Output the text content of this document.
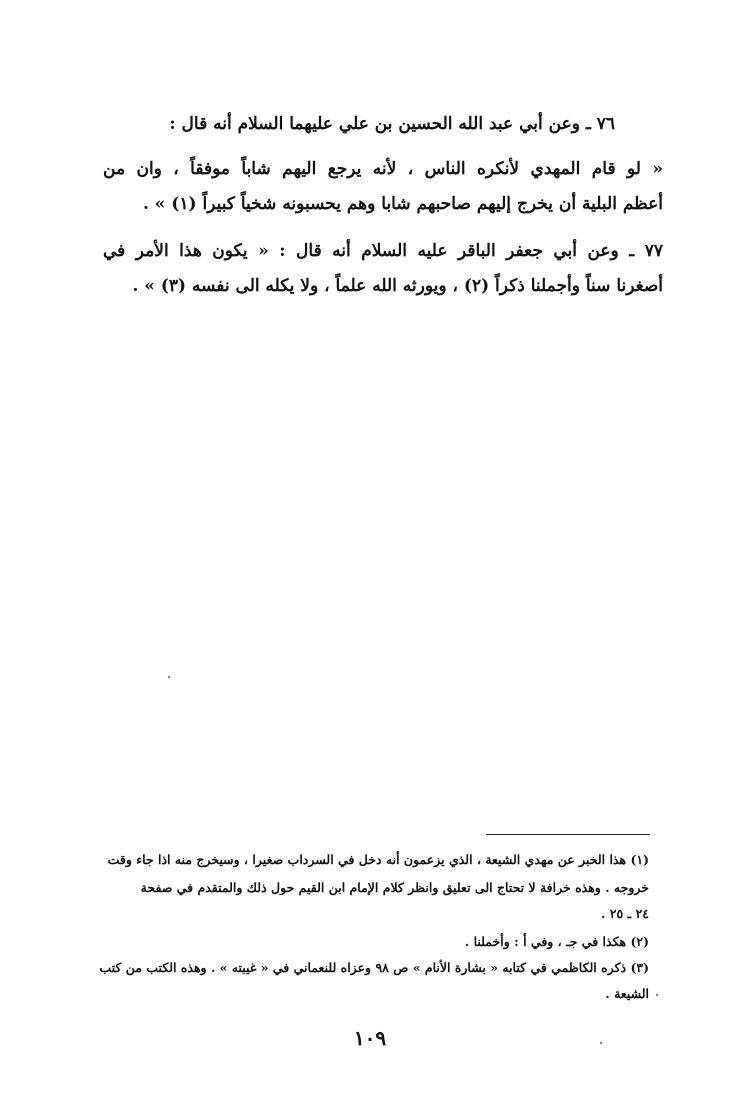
٧٦ ـ وعن أبي عبد الله الحسين بن علي عليهما السلام أنه قال :

« لو قام المهدي لأنكره الناس ، لأنه يرجع اليهم شاباً موفقاً ، وان من

أعظم البلية أن يخرج إليهم صاحبهم شابا وهم يحسبونه شخياً كبيراً (١) » .

٧٧ ـ وعن أبي جعفر الباقر عليه السلام أنه قال : « يكون هذا الأمر في

أصغرنا سناً وأجملنا ذكراً (٢) ، ويورثه الله علماً ، ولا يكله الى نفسه (٣) » .

(١) هذا الخبر عن مهدي الشيعة ، الذي يزعمون أنه دخل في السرداب صغيرا ، وسيخرج منه اذا جاء وقت

خروجه . وهذه خرافة لا تحتاج الى تعليق وانظر كلام الإمام ابن القيم حول ذلك والمتقدم في صفحة

٢٤ ـ ٢٥ .

(٢) هكذا في جـ ، وفي أ : وأخملنا .

(٣) ذكره الكاظمي في كتابه « بشارة الأنام » ص ٩٨ وعزاه للنعماني في « غيبته » . وهذه الكتب من كتب

الشيعة .

١٠٩
